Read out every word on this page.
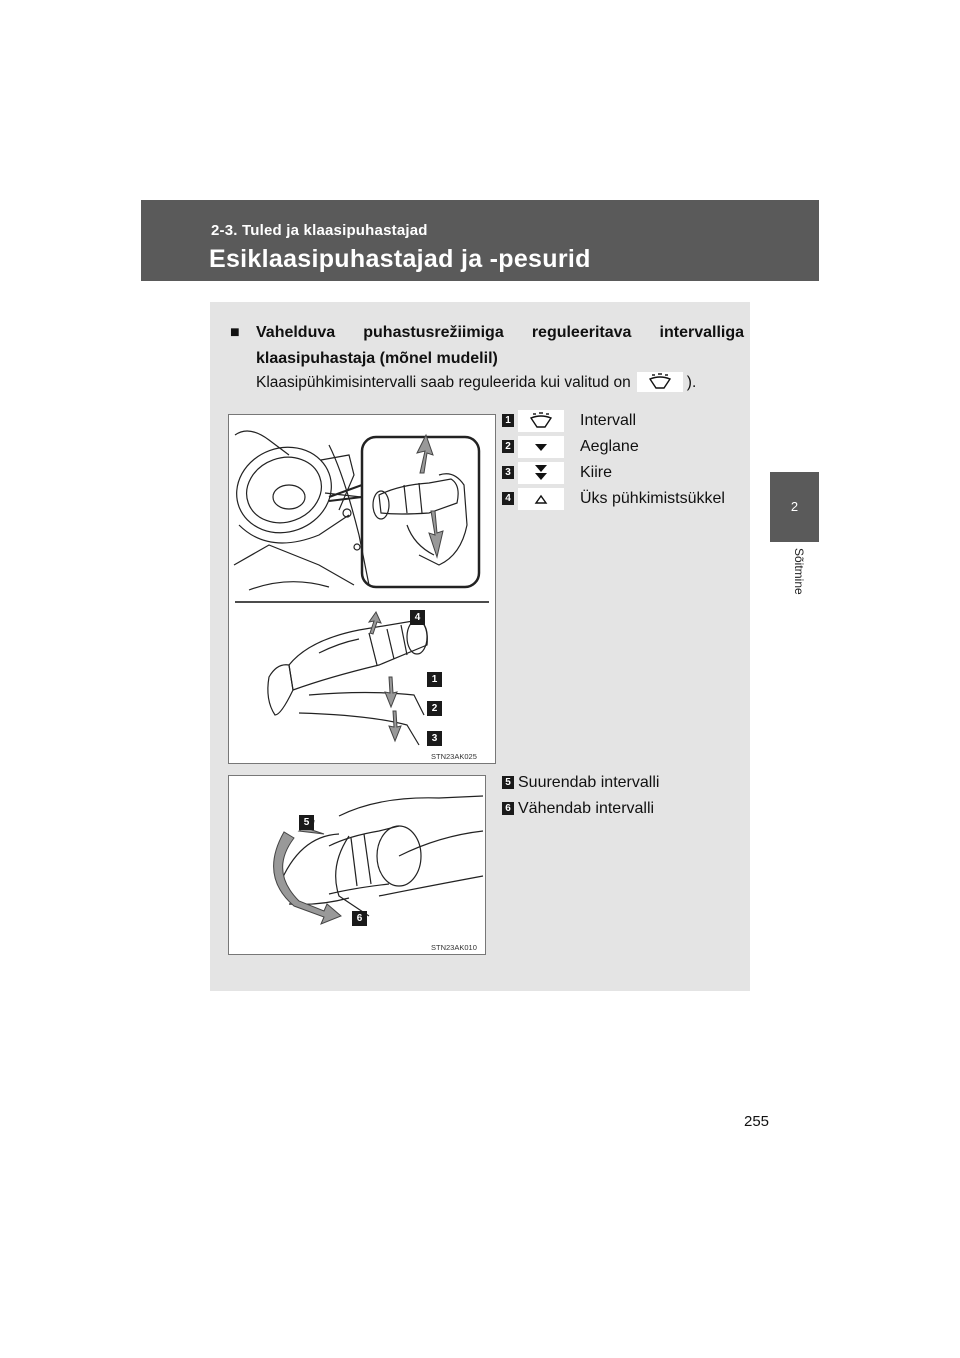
2-3. Tuled ja klaasipuhastajad
Esiklaasipuhastajad ja -pesurid
2
Sõitmine
■ Vahelduva puhastusrežiimiga reguleeritava intervalliga
klaasipuhastaja (mõnel mudelil)
Klaasipühkimisintervalli saab reguleerida kui valitud on	).
STN23AK025
4
1
2
3
STN23AK010
5
6
1	Intervall
2	Aeglane
3	Kiire
4	Üks pühkimistsükkel
5 Suurendab intervalli
6 Vähendab intervalli
255
